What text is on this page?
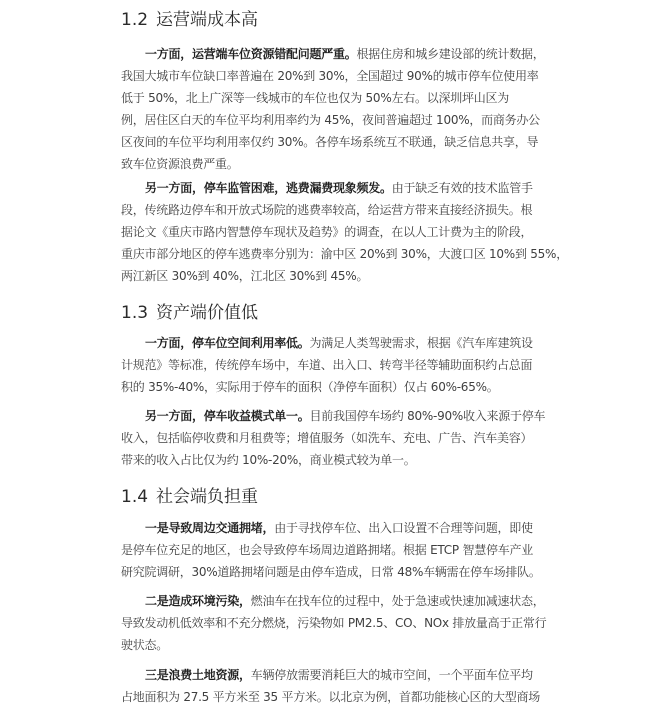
1.2 运营端成本高
一方面，运营端车位资源错配问题严重。根据住房和城乡建设部的统计数据，
我国大城市车位缺口率普遍在 20%到 30%，全国超过 90%的城市停车位使用率
低于 50%，北上广深等一线城市的车位也仅为 50%左右。以深圳坪山区为
例，居住区白天的车位平均利用率约为 45%，夜间普遍超过 100%，而商务办公
区夜间的车位平均利用率仅约 30%。各停车场系统互不联通，缺乏信息共享，导
致车位资源浪费严重。
另一方面，停车监管困难，逃费漏费现象频发。由于缺乏有效的技术监管手
段，传统路边停车和开放式场院的逃费率较高，给运营方带来直接经济损失。根
据论文《重庆市路内智慧停车现状及趋势》的调查，在以人工计费为主的阶段，
重庆市部分地区的停车逃费率分别为：渝中区 20%到 30%，大渡口区 10%到 55%，
两江新区 30%到 40%，江北区 30%到 45%。
1.3 资产端价值低
一方面，停车位空间利用率低。为满足人类驾驶需求，根据《汽车库建筑设
计规范》等标准，传统停车场中，车道、出入口、转弯半径等辅助面积约占总面
积的 35%-40%，实际用于停车的面积（净停车面积）仅占 60%-65%。
另一方面，停车收益模式单一。目前我国停车场约 80%-90%收入来源于停车
收入，包括临停收费和月租费等；增值服务（如洗车、充电、广告、汽车美容）
带来的收入占比仅为约 10%-20%，商业模式较为单一。
1.4 社会端负担重
一是导致周边交通拥堵，由于寻找停车位、出入口设置不合理等问题，即使
是停车位充足的地区，也会导致停车场周边道路拥堵。根据 ETCP 智慧停车产业
研究院调研，30%道路拥堵问题是由停车造成，日常 48%车辆需在停车场排队。
二是造成环境污染，燃油车在找车位的过程中，处于急速或快速加减速状态，
导致发动机低效率和不充分燃烧，污染物如 PM2.5、CO、NOx 排放量高于正常行
驶状态。
三是浪费土地资源，车辆停放需要消耗巨大的城市空间，一个平面车位平均
占地面积为 27.5 平方米至 35 平方米。以北京为例，首都功能核心区的大型商场
